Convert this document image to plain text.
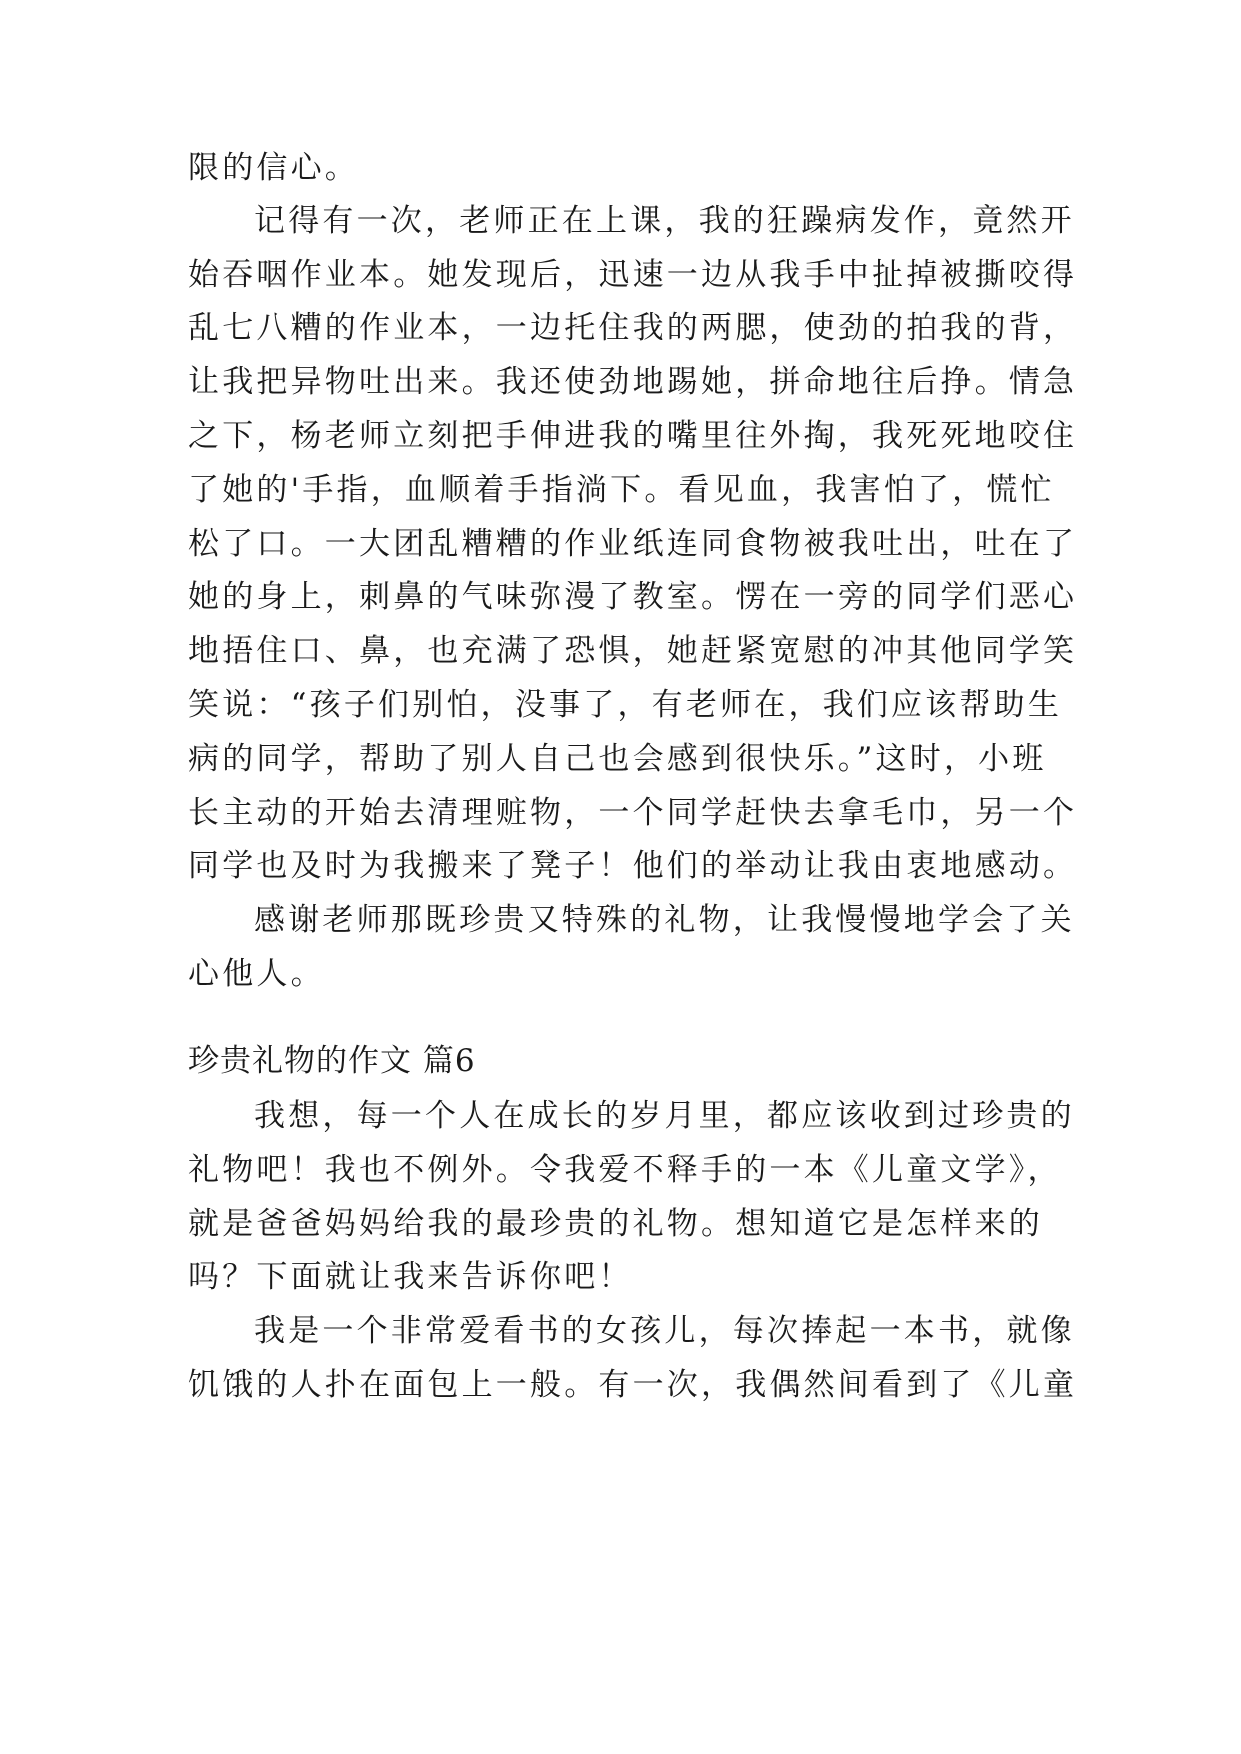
限的信心。
记得有一次，老师正在上课，我的狂躁病发作，竟然开
始吞咽作业本。她发现后，迅速一边从我手中扯掉被撕咬得
乱七八糟的作业本，一边托住我的两腮，使劲的拍我的背，
让我把异物吐出来。我还使劲地踢她，拼命地往后挣。情急
之下，杨老师立刻把手伸进我的嘴里往外掏，我死死地咬住
了她的'手指，血顺着手指淌下。看见血，我害怕了，慌忙
松了口。一大团乱糟糟的作业纸连同食物被我吐出，吐在了
她的身上，刺鼻的气味弥漫了教室。愣在一旁的同学们恶心
地捂住口、鼻，也充满了恐惧，她赶紧宽慰的冲其他同学笑
笑说：“孩子们别怕，没事了，有老师在，我们应该帮助生
病的同学，帮助了别人自己也会感到很快乐。”这时，小班
长主动的开始去清理赃物，一个同学赶快去拿毛巾，另一个
同学也及时为我搬来了凳子！他们的举动让我由衷地感动。
感谢老师那既珍贵又特殊的礼物，让我慢慢地学会了关
心他人。
珍贵礼物的作文 篇6
我想，每一个人在成长的岁月里，都应该收到过珍贵的
礼物吧！我也不例外。令我爱不释手的一本《儿童文学》，
就是爸爸妈妈给我的最珍贵的礼物。想知道它是怎样来的
吗？下面就让我来告诉你吧！
我是一个非常爱看书的女孩儿，每次捧起一本书，就像
饥饿的人扑在面包上一般。有一次，我偶然间看到了《儿童
